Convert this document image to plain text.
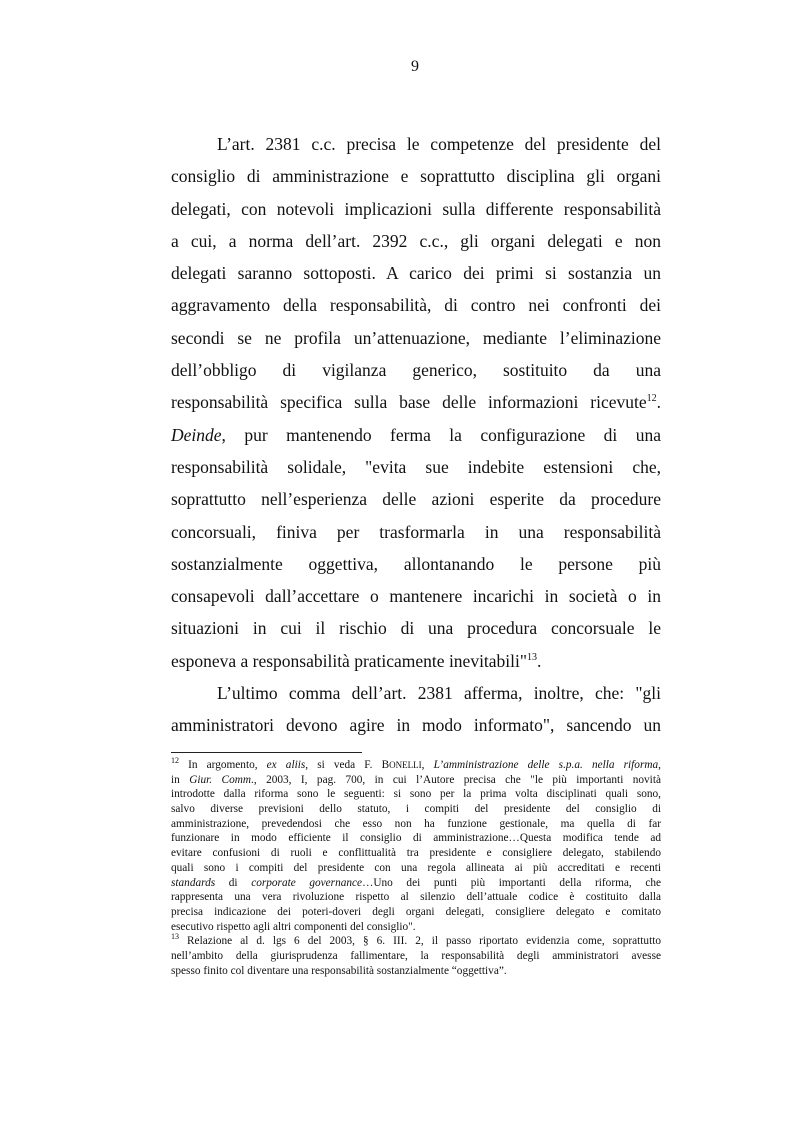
9
L’art. 2381 c.c. precisa le competenze del presidente del
consiglio di amministrazione e soprattutto disciplina gli organi
delegati, con notevoli implicazioni sulla differente responsabilità
a cui, a norma dell’art. 2392 c.c., gli organi delegati e non
delegati saranno sottoposti. A carico dei primi si sostanzia un
aggravamento della responsabilità, di contro nei confronti dei
secondi se ne profila un’attenuazione, mediante l’eliminazione
dell’obbligo di vigilanza generico, sostituito da una
responsabilità specifica sulla base delle informazioni ricevute$^{12}$.
Deinde, pur mantenendo ferma la configurazione di una
responsabilità solidale, "evita sue indebite estensioni che,
soprattutto nell’esperienza delle azioni esperite da procedure
concorsuali, finiva per trasformarla in una responsabilità
sostanzialmente oggettiva, allontanando le persone più
consapevoli dall’accettare o mantenere incarichi in società o in
situazioni in cui il rischio di una procedura concorsuale le
esponeva a responsabilità praticamente inevitabili"$^{13}$.
L’ultimo comma dell’art. 2381 afferma, inoltre, che: "gli
amministratori devono agire in modo informato", sancendo un
$^{12}$ In argomento, ex aliis, si veda F. BONELLI, L’amministrazione delle s.p.a. nella riforma,
in Giur. Comm., 2003, I, pag. 700, in cui l’Autore precisa che "le più importanti novità
introdotte dalla riforma sono le seguenti: si sono per la prima volta disciplinati quali sono,
salvo diverse previsioni dello statuto, i compiti del presidente del consiglio di
amministrazione, prevedendosi che esso non ha funzione gestionale, ma quella di far
funzionare in modo efficiente il consiglio di amministrazione…Questa modifica tende ad
evitare confusioni di ruoli e conflittualità tra presidente e consigliere delegato, stabilendo
quali sono i compiti del presidente con una regola allineata ai più accreditati e recenti
standards di corporate governance…Uno dei punti più importanti della riforma, che
rappresenta una vera rivoluzione rispetto al silenzio dell’attuale codice è costituito dalla
precisa indicazione dei poteri-doveri degli organi delegati, consigliere delegato e comitato
esecutivo rispetto agli altri componenti del consiglio".
$^{13}$ Relazione al d. lgs 6 del 2003, § 6. III. 2, il passo riportato evidenzia come, soprattutto
nell’ambito della giurisprudenza fallimentare, la responsabilità degli amministratori avesse
spesso finito col diventare una responsabilità sostanzialmente “oggettiva”.
